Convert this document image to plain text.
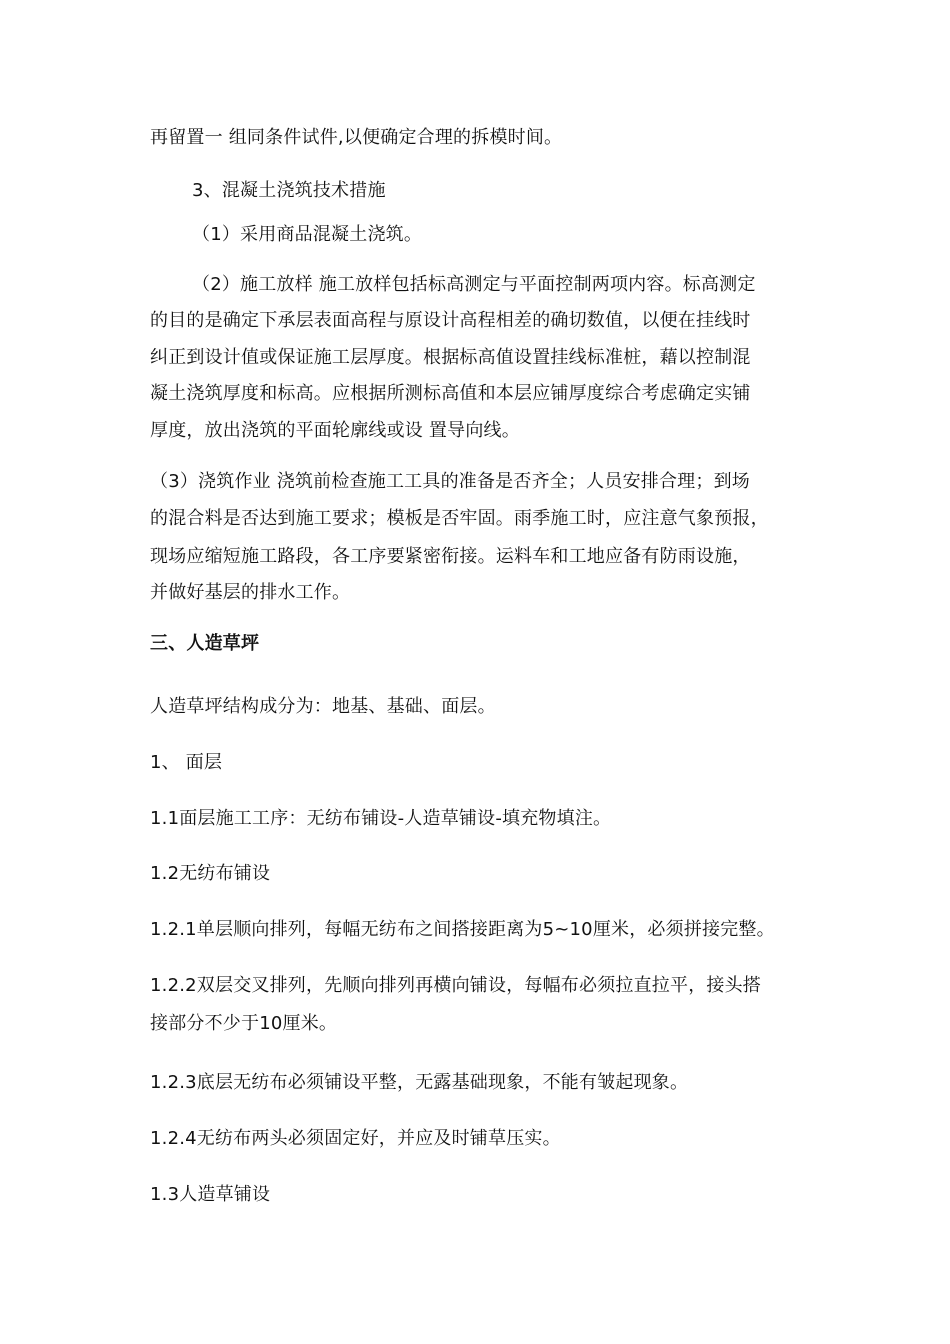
再留置一 组同条件试件,以便确定合理的拆模时间。
3、混凝土浇筑技术措施
（1）采用商品混凝土浇筑。
（2）施工放样 施工放样包括标高测定与平面控制两项内容。标高测定
的目的是确定下承层表面高程与原设计高程相差的确切数值，以便在挂线时
纠正到设计值或保证施工层厚度。根据标高值设置挂线标准桩，藉以控制混
凝土浇筑厚度和标高。应根据所测标高值和本层应铺厚度综合考虑确定实铺
厚度，放出浇筑的平面轮廓线或设 置导向线。
（3）浇筑作业 浇筑前检查施工工具的准备是否齐全；人员安排合理；到场
的混合料是否达到施工要求；模板是否牢固。雨季施工时，应注意气象预报，
现场应缩短施工路段，各工序要紧密衔接。运料车和工地应备有防雨设施，
并做好基层的排水工作。
三、人造草坪
人造草坪结构成分为：地基、基础、面层。
1、 面层
1.1面层施工工序：无纺布铺设-人造草铺设-填充物填注。
1.2无纺布铺设
1.2.1单层顺向排列，每幅无纺布之间搭接距离为5~10厘米，必须拼接完整。
1.2.2双层交叉排列，先顺向排列再横向铺设，每幅布必须拉直拉平，接头搭
接部分不少于10厘米。
1.2.3底层无纺布必须铺设平整，无露基础现象，不能有皱起现象。
1.2.4无纺布两头必须固定好，并应及时铺草压实。
1.3人造草铺设
